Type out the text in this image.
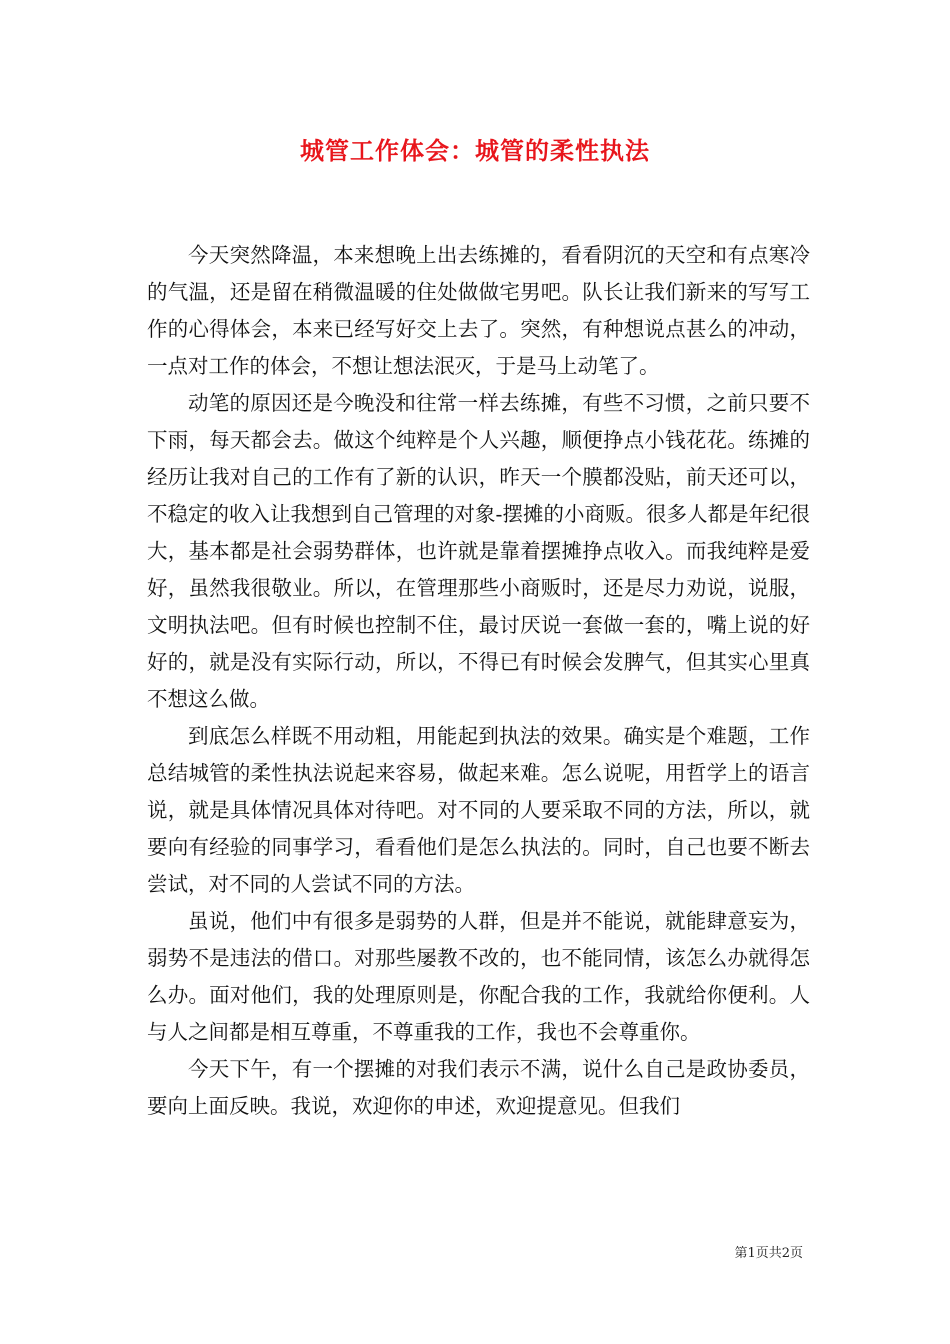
城管工作体会：城管的柔性执法

今天突然降温，本来想晚上出去练摊的，看看阴沉的天空和有点寒冷的气温，还是留在稍微温暖的住处做做宅男吧。队长让我们新来的写写工作的心得体会，本来已经写好交上去了。突然，有种想说点甚么的冲动，一点对工作的体会，不想让想法泯灭，于是马上动笔了。

动笔的原因还是今晚没和往常一样去练摊，有些不习惯，之前只要不下雨，每天都会去。做这个纯粹是个人兴趣，顺便挣点小钱花花。练摊的经历让我对自己的工作有了新的认识，昨天一个膜都没贴，前天还可以，不稳定的收入让我想到自己管理的对象-摆摊的小商贩。很多人都是年纪很大，基本都是社会弱势群体，也许就是靠着摆摊挣点收入。而我纯粹是爱好，虽然我很敬业。所以，在管理那些小商贩时，还是尽力劝说，说服，文明执法吧。但有时候也控制不住，最讨厌说一套做一套的，嘴上说的好好的，就是没有实际行动，所以，不得已有时候会发脾气，但其实心里真不想这么做。

到底怎么样既不用动粗，用能起到执法的效果。确实是个难题，工作总结城管的柔性执法说起来容易，做起来难。怎么说呢，用哲学上的语言说，就是具体情况具体对待吧。对不同的人要采取不同的方法，所以，就要向有经验的同事学习，看看他们是怎么执法的。同时，自己也要不断去尝试，对不同的人尝试不同的方法。

虽说，他们中有很多是弱势的人群，但是并不能说，就能肆意妄为，弱势不是违法的借口。对那些屡教不改的，也不能同情，该怎么办就得怎么办。面对他们，我的处理原则是，你配合我的工作，我就给你便利。人与人之间都是相互尊重，不尊重我的工作，我也不会尊重你。

今天下午，有一个摆摊的对我们表示不满，说什么自己是政协委员，要向上面反映。我说，欢迎你的申述，欢迎提意见。但我们

第1页共2页
